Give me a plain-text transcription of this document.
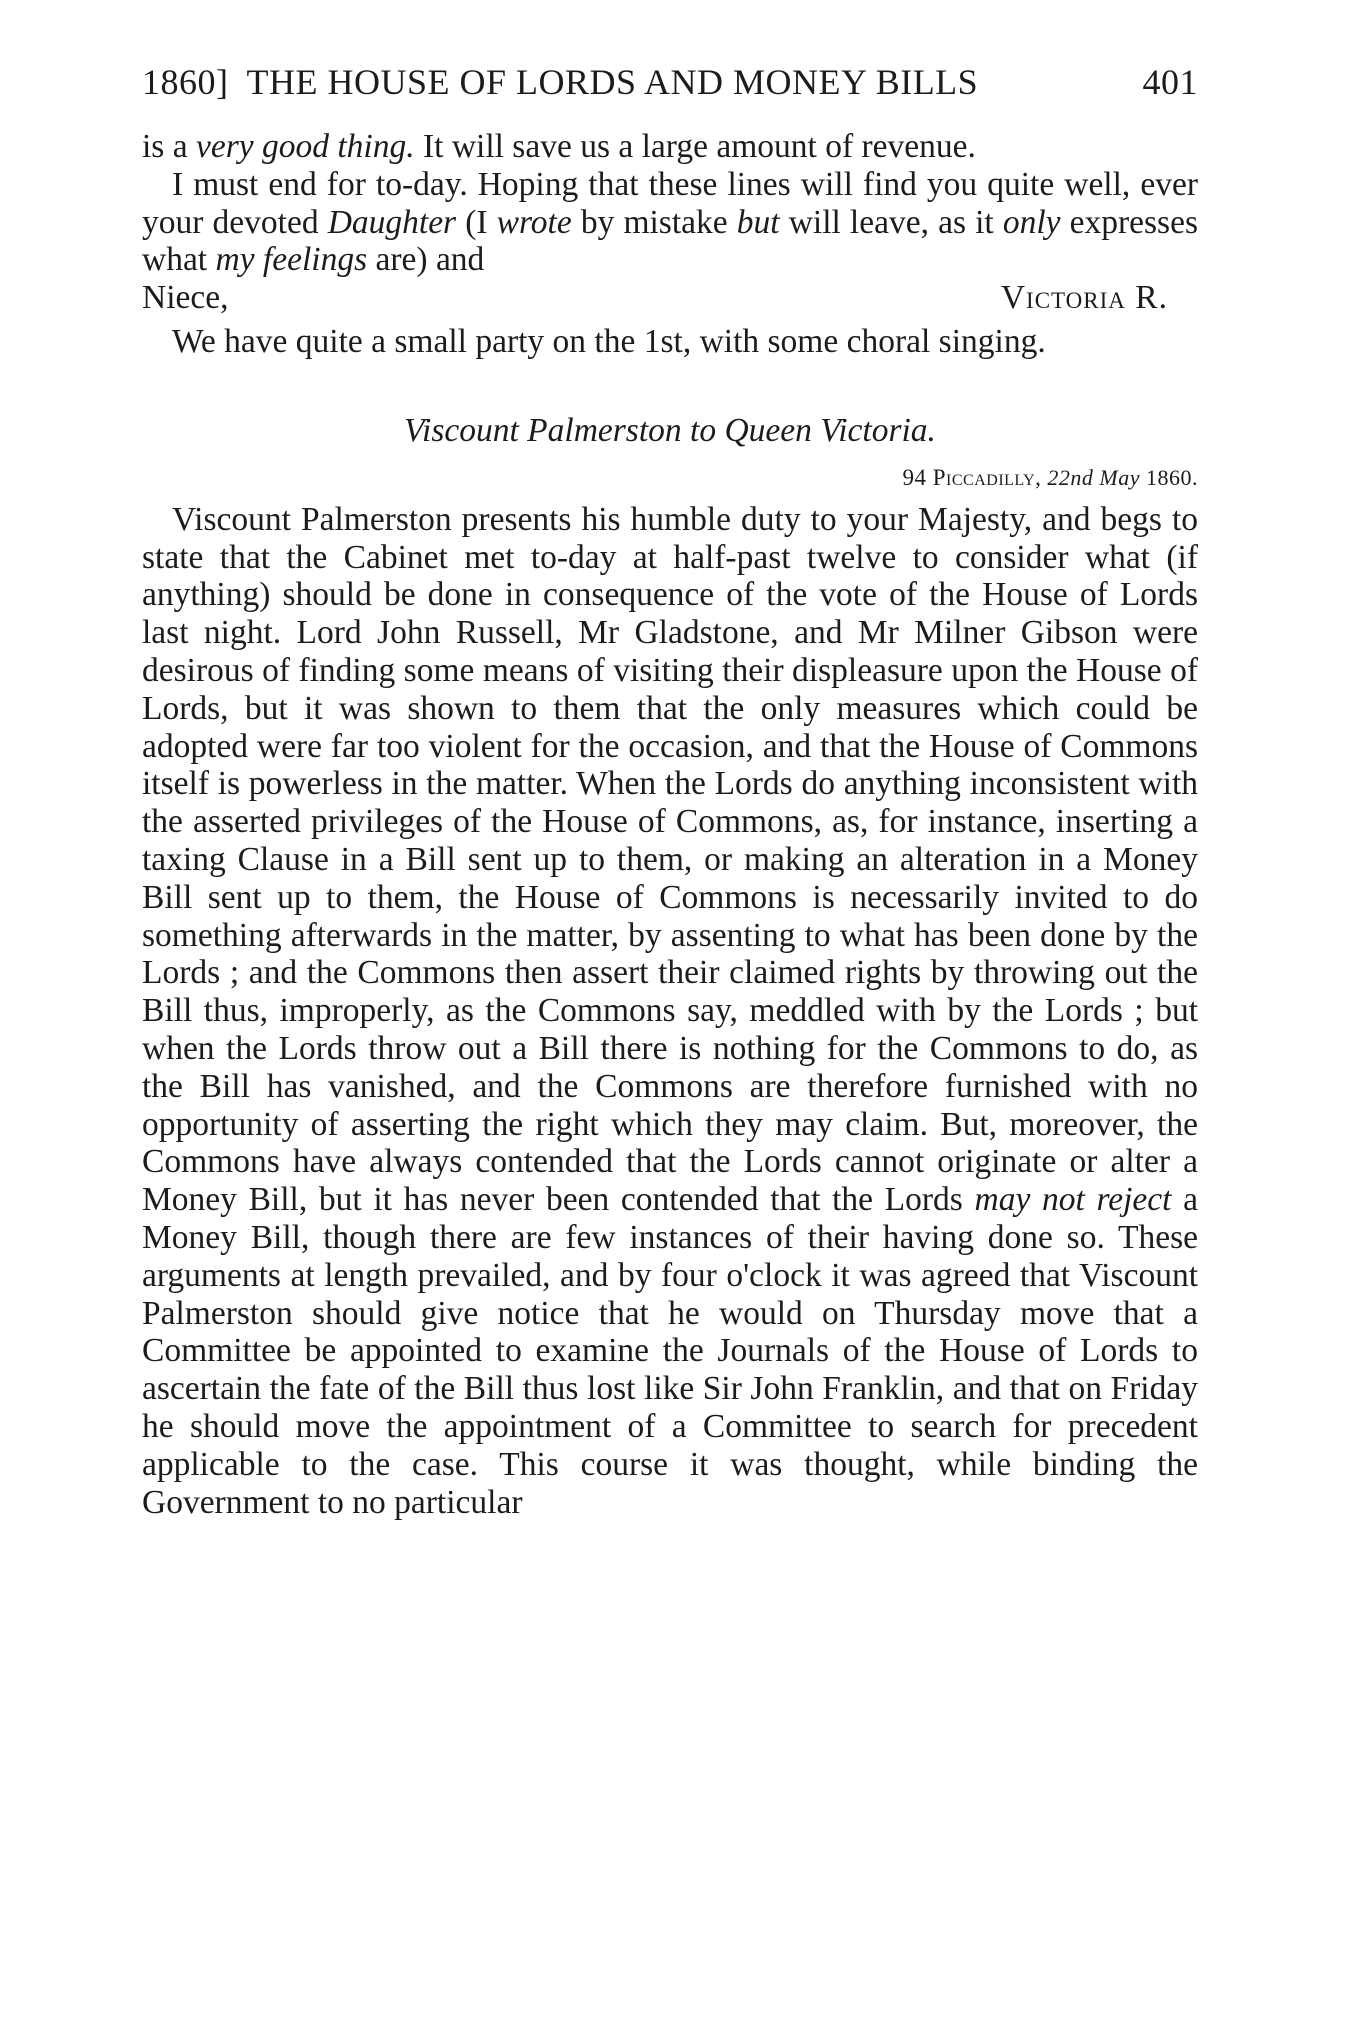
1860] THE HOUSE OF LORDS AND MONEY BILLS	401

is a very good thing. It will save us a large amount of revenue.

I must end for to-day. Hoping that these lines will find you quite well, ever your devoted Daughter (I wrote by mistake but will leave, as it only expresses what my feelings are) and

Niece,	Victoria R.

We have quite a small party on the 1st, with some choral singing.

Viscount Palmerston to Queen Victoria.
94 Piccadilly, 22nd May 1860.

Viscount Palmerston presents his humble duty to your Majesty, and begs to state that the Cabinet met to-day at half-past twelve to consider what (if anything) should be done in consequence of the vote of the House of Lords last night. Lord John Russell, Mr Gladstone, and Mr Milner Gibson were desirous of finding some means of visiting their displeasure upon the House of Lords, but it was shown to them that the only measures which could be adopted were far too violent for the occasion, and that the House of Commons itself is powerless in the matter. When the Lords do anything inconsistent with the asserted privileges of the House of Commons, as, for instance, inserting a taxing Clause in a Bill sent up to them, or making an alteration in a Money Bill sent up to them, the House of Commons is necessarily invited to do something afterwards in the matter, by assenting to what has been done by the Lords ; and the Commons then assert their claimed rights by throwing out the Bill thus, improperly, as the Commons say, meddled with by the Lords ; but when the Lords throw out a Bill there is nothing for the Commons to do, as the Bill has vanished, and the Commons are therefore furnished with no opportunity of asserting the right which they may claim. But, moreover, the Commons have always contended that the Lords cannot originate or alter a Money Bill, but it has never been contended that the Lords may not reject a Money Bill, though there are few instances of their having done so. These arguments at length prevailed, and by four o'clock it was agreed that Viscount Palmerston should give notice that he would on Thursday move that a Committee be appointed to examine the Journals of the House of Lords to ascertain the fate of the Bill thus lost like Sir John Franklin, and that on Friday he should move the appointment of a Committee to search for precedent applicable to the case. This course it was thought, while binding the Government to no particular
